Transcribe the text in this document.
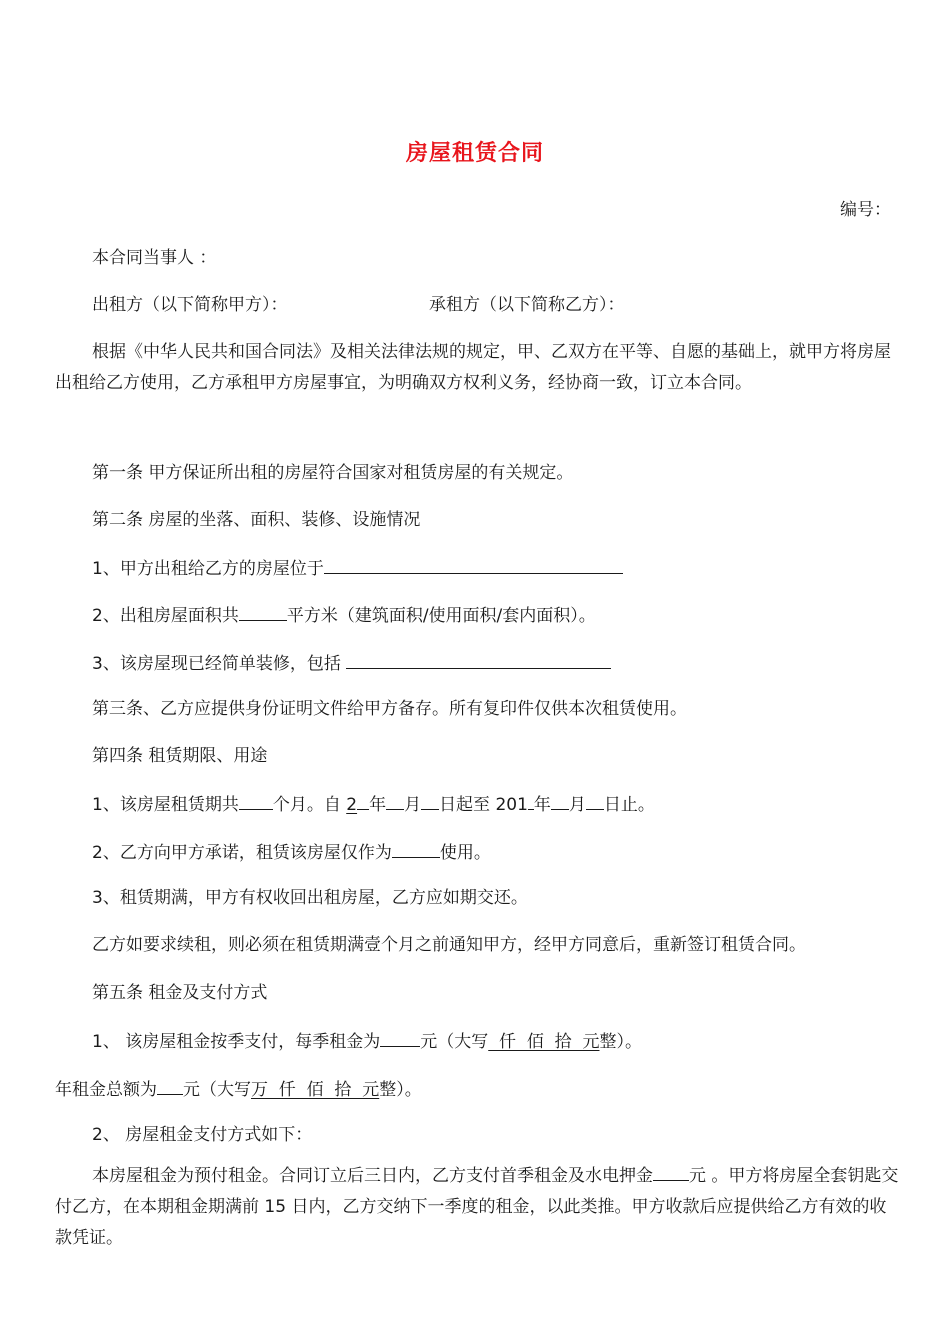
房屋租赁合同
编号：
本合同当事人 ：
出租方（以下简称甲方）：	承租方（以下简称乙方）：
根据《中华人民共和国合同法》及相关法律法规的规定，甲、乙双方在平等、自愿的基础上，就甲方将房屋出租给乙方使用，乙方承租甲方房屋事宜，为明确双方权利义务，经协商一致，订立本合同。
第一条 甲方保证所出租的房屋符合国家对租赁房屋的有关规定。
第二条 房屋的坐落、面积、装修、设施情况
1、甲方出租给乙方的房屋位于
2、出租房屋面积共	平方米（建筑面积/使用面积/套内面积）。
3、该房屋现已经简单装修，包括
第三条、乙方应提供身份证明文件给甲方备存。所有复印件仅供本次租赁使用。
第四条 租赁期限、用途
1、该房屋租赁期共 个月。自 2 年 月 日起至 201 年 月 日止。
2、乙方向甲方承诺，租赁该房屋仅作为	使用。
3、租赁期满，甲方有权收回出租房屋，乙方应如期交还。
乙方如要求续租，则必须在租赁期满壹个月之前通知甲方，经甲方同意后，重新签订租赁合同。
第五条 租金及支付方式
1、 该房屋租金按季支付，每季租金为 元（大写  仟  佰  拾  元整）。
年租金总额为 元（大写万  仟  佰  拾  元整）。
2、 房屋租金支付方式如下：
本房屋租金为预付租金。合同订立后三日内，乙方支付首季租金及水电押金 元 。甲方将房屋全套钥匙交付乙方，在本期租金期满前 15 日内，乙方交纳下一季度的租金，以此类推。甲方收款后应提供给乙方有效的收款凭证。
